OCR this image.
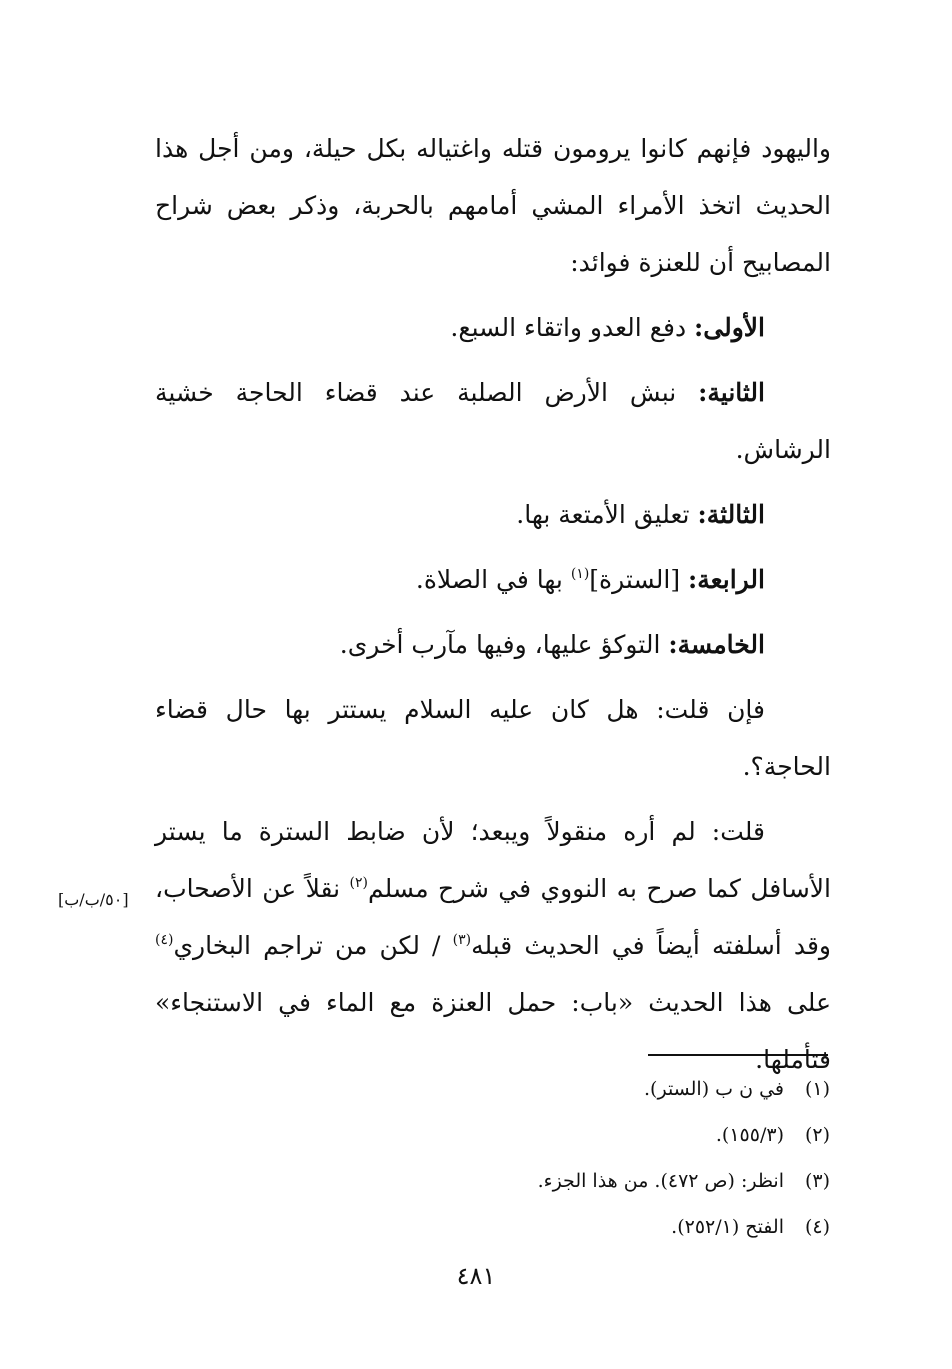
واليهود فإنهم كانوا يرومون قتله واغتياله بكل حيلة، ومن أجل هذا الحديث اتخذ الأمراء المشي أمامهم بالحربة، وذكر بعض شراح المصابيح أن للعنزة فوائد:

الأولى: دفع العدو واتقاء السبع.

الثانية: نبش الأرض الصلبة عند قضاء الحاجة خشية الرشاش.

الثالثة: تعليق الأمتعة بها.

الرابعة: [السترة]$^{(١)}$ بها في الصلاة.

الخامسة: التوكؤ عليها، وفيها مآرب أخرى.

فإن قلت: هل كان عليه السلام يستتر بها حال قضاء الحاجة؟.

قلت: لم أره منقولاً ويبعد؛ لأن ضابط السترة ما يستر الأسافل كما صرح به النووي في شرح مسلم$^{(٢)}$ نقلاً عن الأصحاب، وقد أسلفته أيضاً في الحديث قبله$^{(٣)}$ / لكن من تراجم البخاري$^{(٤)}$ على هذا الحديث «باب: حمل العنزة مع الماء في الاستنجاء» فتأملها.

[٥٠/ب/ب]
(١)في ن ب (الستر).
(٢)(١٥٥/٣).
(٣)انظر: (ص ٤٧٢). من هذا الجزء.
(٤)الفتح (٢٥٢/١).
٤٨١
